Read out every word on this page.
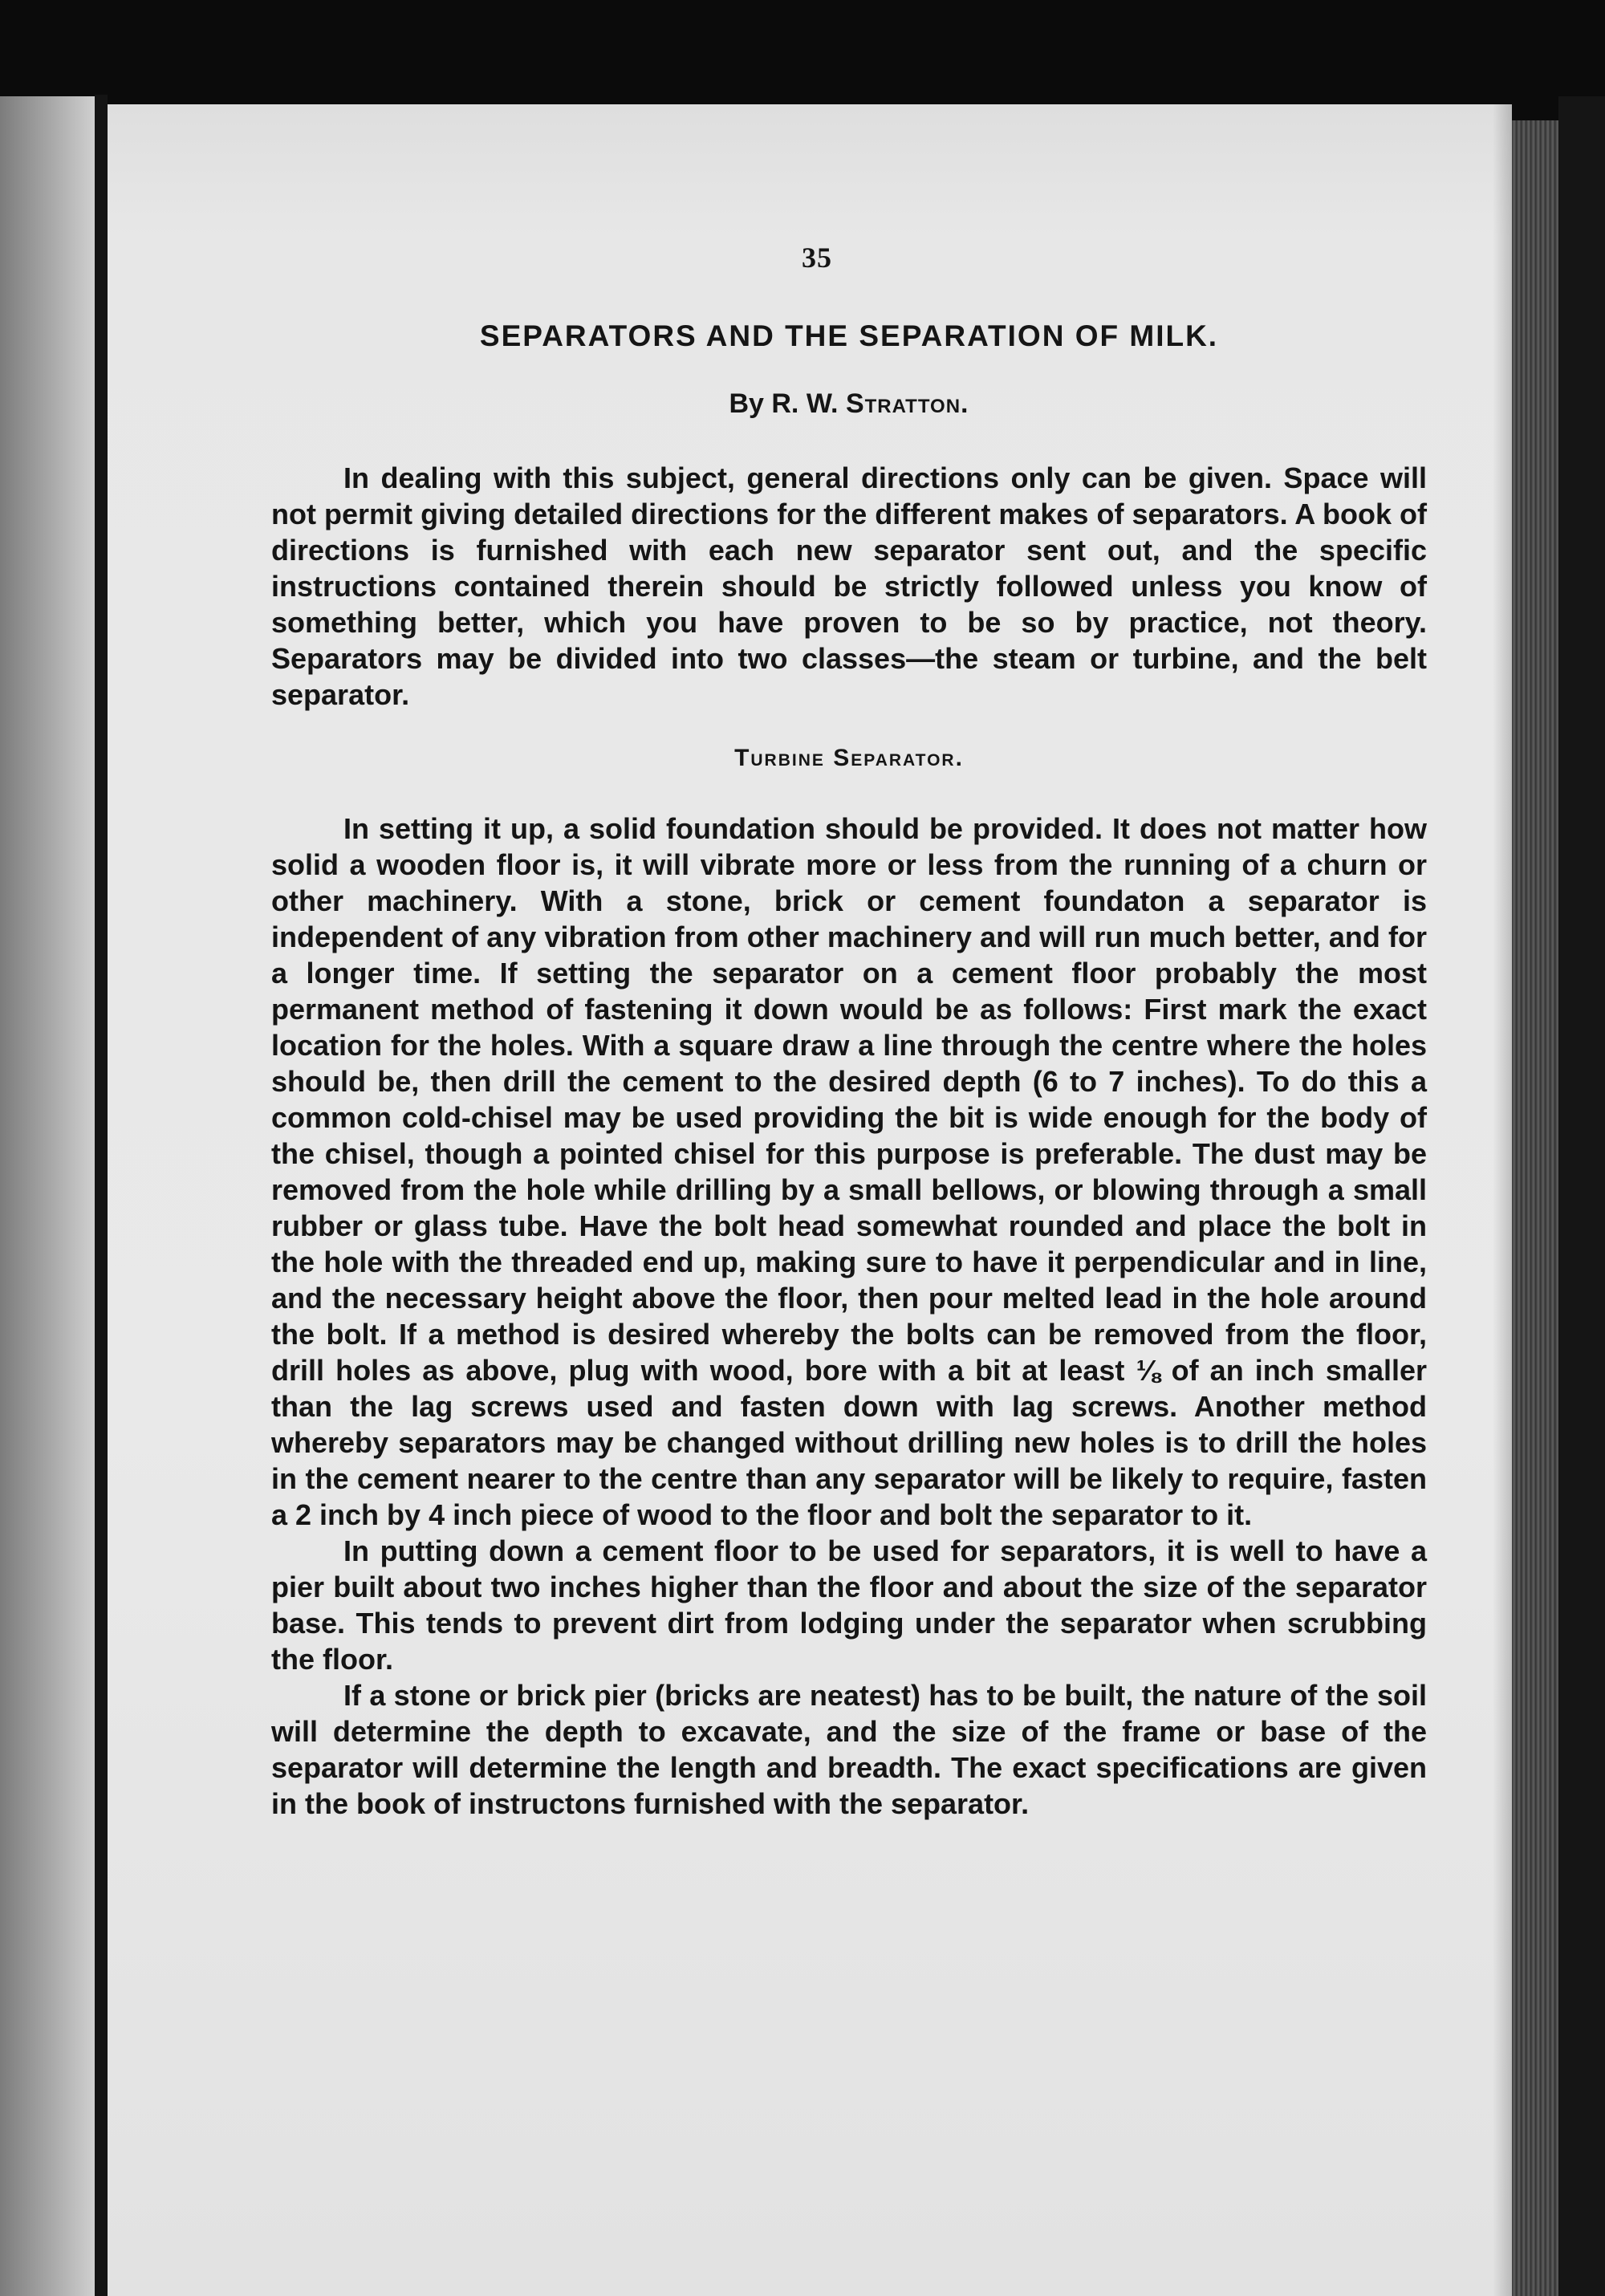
35
SEPARATORS AND THE SEPARATION OF MILK.
By R. W. Stratton.

In dealing with this subject, general directions only can be given. Space will not permit giving detailed directions for the different makes of separators. A book of directions is furnished with each new separator sent out, and the specific instructions contained therein should be strictly followed unless you know of something better, which you have proven to be so by practice, not theory. Separators may be divided into two classes—the steam or turbine, and the belt separator.

Turbine Separator.

In setting it up, a solid foundation should be provided. It does not matter how solid a wooden floor is, it will vibrate more or less from the running of a churn or other machinery. With a stone, brick or cement foundaton a separator is independent of any vibration from other machinery and will run much better, and for a longer time. If setting the separator on a cement floor probably the most permanent method of fastening it down would be as follows: First mark the exact location for the holes. With a square draw a line through the centre where the holes should be, then drill the cement to the desired depth (6 to 7 inches). To do this a common cold-chisel may be used providing the bit is wide enough for the body of the chisel, though a pointed chisel for this purpose is preferable. The dust may be removed from the hole while drilling by a small bellows, or blowing through a small rubber or glass tube. Have the bolt head somewhat rounded and place the bolt in the hole with the threaded end up, making sure to have it perpendicular and in line, and the necessary height above the floor, then pour melted lead in the hole around the bolt. If a method is desired whereby the bolts can be removed from the floor, drill holes as above, plug with wood, bore with a bit at least ⅛ of an inch smaller than the lag screws used and fasten down with lag screws. Another method whereby separators may be changed without drilling new holes is to drill the holes in the cement nearer to the centre than any separator will be likely to require, fasten a 2 inch by 4 inch piece of wood to the floor and bolt the separator to it.

In putting down a cement floor to be used for separators, it is well to have a pier built about two inches higher than the floor and about the size of the separator base. This tends to prevent dirt from lodging under the separator when scrubbing the floor.

If a stone or brick pier (bricks are neatest) has to be built, the nature of the soil will determine the depth to excavate, and the size of the frame or base of the separator will determine the length and breadth. The exact specifications are given in the book of instructons furnished with the separator.
